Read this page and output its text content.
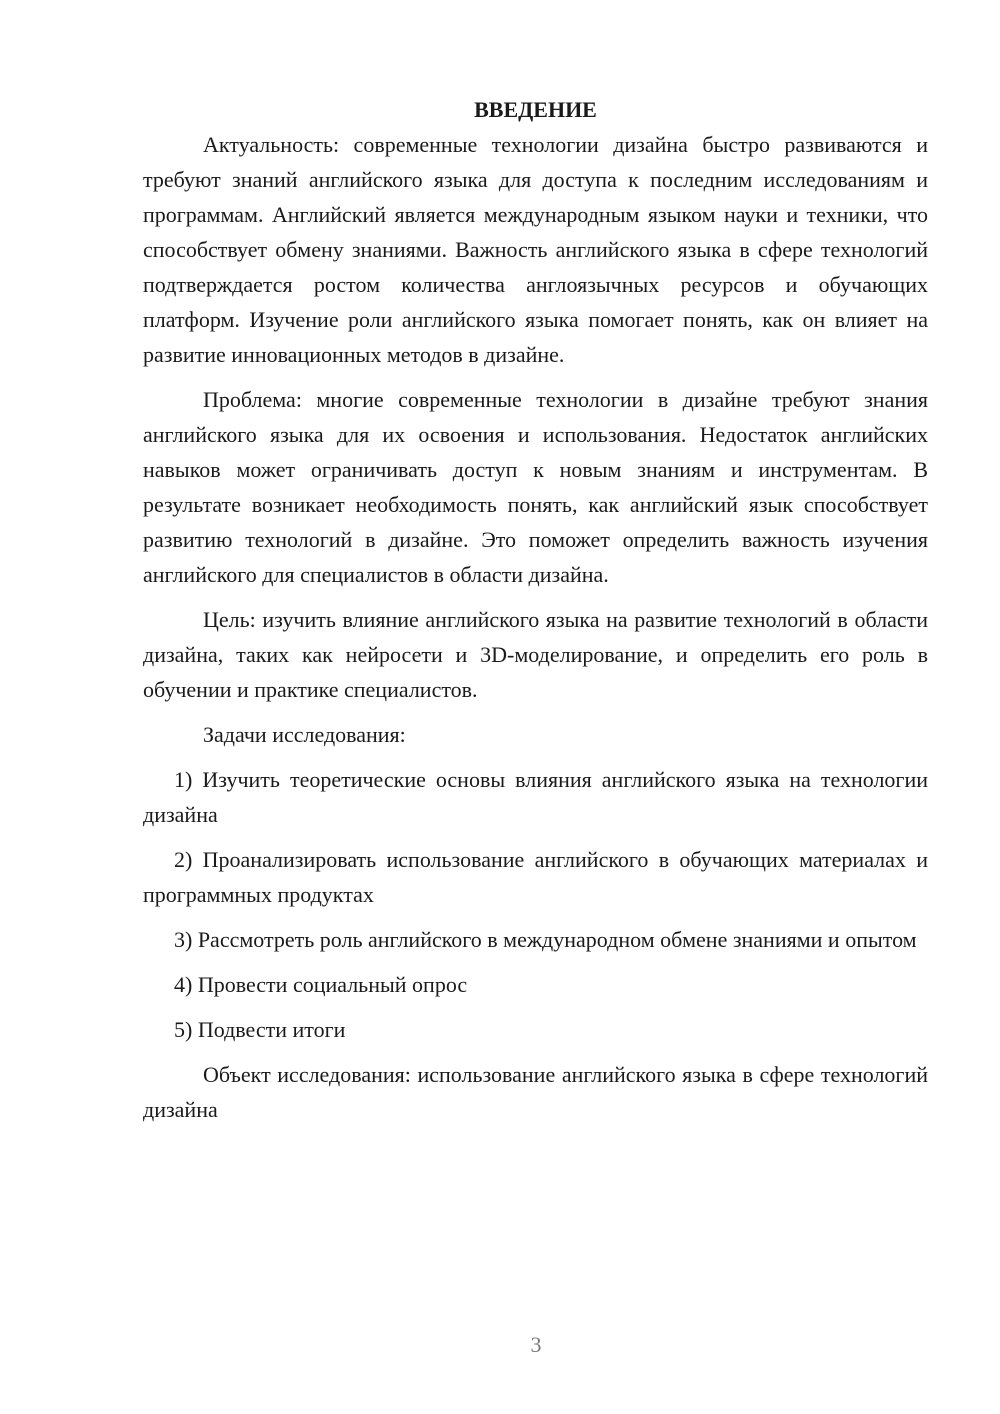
ВВЕДЕНИЕ

Актуальность: современные технологии дизайна быстро развиваются и требуют знаний английского языка для доступа к последним исследованиям и программам. Английский является международным языком науки и техники, что способствует обмену знаниями. Важность английского языка в сфере технологий подтверждается ростом количества англоязычных ресурсов и обучающих платформ. Изучение роли английского языка помогает понять, как он влияет на развитие инновационных методов в дизайне.

Проблема: многие современные технологии в дизайне требуют знания английского языка для их освоения и использования. Недостаток английских навыков может ограничивать доступ к новым знаниям и инструментам. В результате возникает необходимость понять, как английский язык способствует развитию технологий в дизайне. Это поможет определить важность изучения английского для специалистов в области дизайна.

Цель: изучить влияние английского языка на развитие технологий в области дизайна, таких как нейросети и 3D-моделирование, и определить его роль в обучении и практике специалистов.

Задачи исследования:

1) Изучить теоретические основы влияния английского языка на технологии дизайна

2) Проанализировать использование английского в обучающих материалах и программных продуктах

3) Рассмотреть роль английского в международном обмене знаниями и опытом

4) Провести социальный опрос

5) Подвести итоги

Объект исследования: использование английского языка в сфере технологий дизайна

3
